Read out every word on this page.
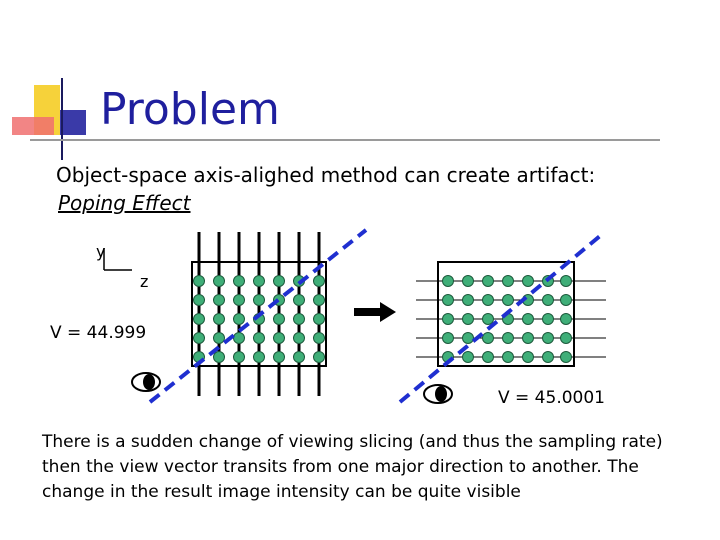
Problem
Object-space axis-alighed method can create artifact:
Poping Effect
y
z
V = 44.999
V = 45.0001
There is a sudden change of viewing slicing (and thus the sampling rate) then the view vector transits from one major direction to another. The change in the result image intensity can be quite visible
